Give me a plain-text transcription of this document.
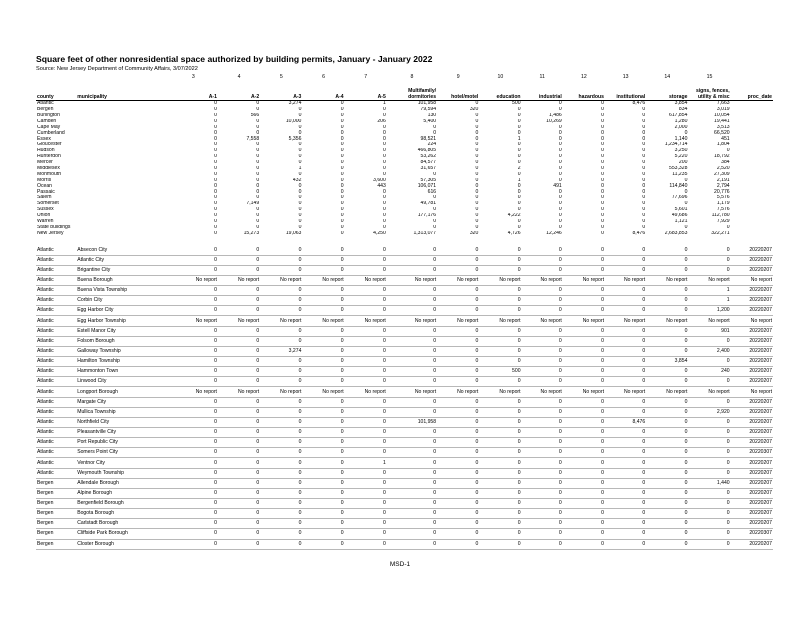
Square feet of other nonresidential space authorized by building permits, January - January 2022
Source: New Jersey Department of Community Affairs, 3/07/2022
		3	4	5	6	7	8	9	10	11	12	13	14	15	
county	municipality	A-1	A-2	A-3	A-4	A-5	Multifamily/ dormitories	hotel/motel	education	industrial	hazardous	institutional	storage	signs, fences, utility & misc	proc_date
Atlantic		0	0	3,274	0	1	101,958	0	500	0	0	8,476	3,854	7,663	
Bergen		0	0	0	0	0	79,594	320	0	0	0	0	834	3,019	
Burlington		0	566	0	0	0	130	0	0	1,486	0	0	617,854	10,054	
Camden		0	0	10,000	0	206	5,400	0	0	10,269	0	0	1,280	19,441	
Cape May		0	0	0	0	0	0	0	0	0	0	0	2,000	3,513	
Cumberland		0	0	0	0	0	0	0	0	0	0	0	0	66,520	
Essex		0	7,558	5,356	0	0	98,521	0	1	0	0	0	1,140	451	
Gloucester		0	0	0	0	0	224	0	0	0	0	0	1,234,714	1,804	
Hudson		0	0	0	0	0	466,805	0	0	0	0	0	3,250	0	
Hunterdon		0	0	0	0	0	53,262	0	0	0	0	0	5,220	18,792	
Mercer		0	0	0	0	0	84,577	0	0	0	0	0	200	384	
Middlesex		0	0	1	0	0	31,657	0	2	0	0	0	553,328	2,520	
Monmouth		0	0	0	0	0	0	0	0	0	0	0	11,235	27,309	
Morris		0	0	432	0	3,600	57,305	0	1	0	0	0	0	2,191	
Ocean		0	0	0	0	443	106,071	0	0	491	0	0	114,840	2,794	
Passaic		0	0	0	0	0	616	0	0	0	0	0	0	20,776	
Salem		0	0	0	0	0	0	0	0	0	0	0	77,696	5,576	
Somerset		0	7,149	0	0	0	49,781	0	0	0	0	0	0	1,179	
Sussex		0	0	0	0	0	0	0	0	0	0	0	5,601	7,576	
Union		0	0	0	0	0	177,176	0	4,222	0	0	0	49,686	112,780	
Warren		0	0	0	0	0	0	0	0	0	0	0	1,121	7,929	
State buildings		0	0	0	0	0	0	0	0	0	0	0	0	0	
New Jersey		0	15,273	19,063	0	4,250	1,313,077	320	4,726	12,246	0	8,476	2,683,853	322,271	

Atlantic	Absecon City	0	0	0	0	0	0	0	0	0	0	0	0	0	20220207
Atlantic	Atlantic City	0	0	0	0	0	0	0	0	0	0	0	0	0	20220207
Atlantic	Brigantine City	0	0	0	0	0	0	0	0	0	0	0	0	0	20220207
Atlantic	Buena Borough	No report	No report	No report	No report	No report	No report	No report	No report	No report	No report	No report	No report	No report	No report
Atlantic	Buena Vista Township	0	0	0	0	0	0	0	0	0	0	0	0	1	20220207
Atlantic	Corbin City	0	0	0	0	0	0	0	0	0	0	0	0	1	20220207
Atlantic	Egg Harbor City	0	0	0	0	0	0	0	0	0	0	0	0	1,200	20220207
Atlantic	Egg Harbor Township	No report	No report	No report	No report	No report	No report	No report	No report	No report	No report	No report	No report	No report	No report
Atlantic	Estell Manor City	0	0	0	0	0	0	0	0	0	0	0	0	901	20220207
Atlantic	Folsom Borough	0	0	0	0	0	0	0	0	0	0	0	0	0	20220207
Atlantic	Galloway Township	0	0	3,274	0	0	0	0	0	0	0	0	0	2,400	20220207
Atlantic	Hamilton Township	0	0	0	0	0	0	0	0	0	0	0	3,854	0	20220207
Atlantic	Hammonton Town	0	0	0	0	0	0	0	500	0	0	0	0	240	20220207
Atlantic	Linwood City	0	0	0	0	0	0	0	0	0	0	0	0	0	20220207
Atlantic	Longport Borough	No report	No report	No report	No report	No report	No report	No report	No report	No report	No report	No report	No report	No report	No report
Atlantic	Margate City	0	0	0	0	0	0	0	0	0	0	0	0	0	20220207
Atlantic	Mullica Township	0	0	0	0	0	0	0	0	0	0	0	0	2,920	20220207
Atlantic	Northfield City	0	0	0	0	0	101,958	0	0	0	0	8,476	0	0	20220207
Atlantic	Pleasantville City	0	0	0	0	0	0	0	0	0	0	0	0	0	20220207
Atlantic	Port Republic City	0	0	0	0	0	0	0	0	0	0	0	0	0	20220207
Atlantic	Somers Point City	0	0	0	0	0	0	0	0	0	0	0	0	0	20220307
Atlantic	Ventnor City	0	0	0	0	1	0	0	0	0	0	0	0	0	20220207
Atlantic	Weymouth Township	0	0	0	0	0	0	0	0	0	0	0	0	0	20220207
Bergen	Allendale Borough	0	0	0	0	0	0	0	0	0	0	0	0	1,440	20220207
Bergen	Alpine Borough	0	0	0	0	0	0	0	0	0	0	0	0	0	20220207
Bergen	Bergenfield Borough	0	0	0	0	0	0	0	0	0	0	0	0	0	20220207
Bergen	Bogota Borough	0	0	0	0	0	0	0	0	0	0	0	0	0	20220207
Bergen	Carlstadt Borough	0	0	0	0	0	0	0	0	0	0	0	0	0	20220207
Bergen	Cliffside Park Borough	0	0	0	0	0	0	0	0	0	0	0	0	0	20220307
Bergen	Closter Borough	0	0	0	0	0	0	0	0	0	0	0	0	0	20220207
MSD-1
